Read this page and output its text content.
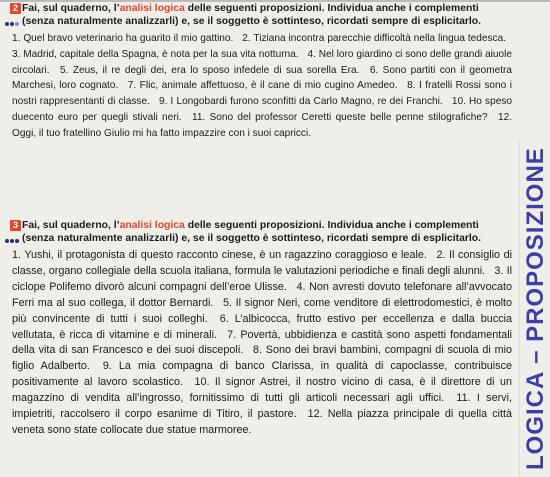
2 Fai, sul quaderno, l’analisi logica delle seguenti proposizioni. Individua anche i complementi (senza naturalmente analizzarli) e, se il soggetto è sottinteso, ricordati sempre di esplicitarlo.
1. Quel bravo veterinario ha guarito il mio gattino. 2. Tiziana incontra parecchie difficoltà nella lingua tedesca. 3. Madrid, capitale della Spagna, è nota per la sua vita notturna. 4. Nel loro giardino ci sono delle grandi aiuole circolari. 5. Zeus, il re degli dei, era lo sposo infedele di sua sorella Era. 6. Sono partiti con il geometra Marchesi, loro cognato. 7. Flic, animale affettuoso, è il cane di mio cugino Amedeo. 8. I fratelli Rossi sono i nostri rappresentanti di classe. 9. I Longobardi furono sconfitti da Carlo Magno, re dei Franchi. 10. Ho speso duecento euro per quegli stivali neri. 11. Sono del professor Ceretti queste belle penne stilografiche? 12. Oggi, il tuo fratellino Giulio mi ha fatto impazzire con i suoi capricci.
3 Fai, sul quaderno, l’analisi logica delle seguenti proposizioni. Individua anche i complementi (senza naturalmente analizzarli) e, se il soggetto è sottinteso, ricordati sempre di esplicitarlo.
1. Yushi, il protagonista di questo racconto cinese, è un ragazzino coraggioso e leale. 2. Il consiglio di classe, organo collegiale della scuola italiana, formula le valutazioni periodiche e finali degli alunni. 3. Il ciclope Polifemo divorò alcuni compagni dell’eroe Ulisse. 4. Non avresti dovuto telefonare all’avvocato Ferri ma al suo collega, il dottor Bernardi. 5. Il signor Neri, come venditore di elettrodomestici, è molto più convincente di tutti i suoi colleghi. 6. L’albicocca, frutto estivo per eccellenza e dalla buccia vellutata, è ricca di vitamine e di minerali. 7. Povertà, ubbidienza e castità sono aspetti fondamentali della vita di san Francesco e dei suoi discepoli. 8. Sono dei bravi bambini, compagni di scuola di mio figlio Adalberto. 9. La mia compagna di banco Clarissa, in qualità di capoclasse, contribuisce positivamente al lavoro scolastico. 10. Il signor Astrei, il nostro vicino di casa, è il direttore di un magazzino di vendita all’ingrosso, fornitissimo di tutti gli articoli necessari agli uffici. 11. I servi, impietriti, raccolsero il corpo esanime di Titiro, il pastore. 12. Nella piazza principale di quella città veneta sono state collocate due statue marmoree.	LOGICA – PROPOSIZIONE
